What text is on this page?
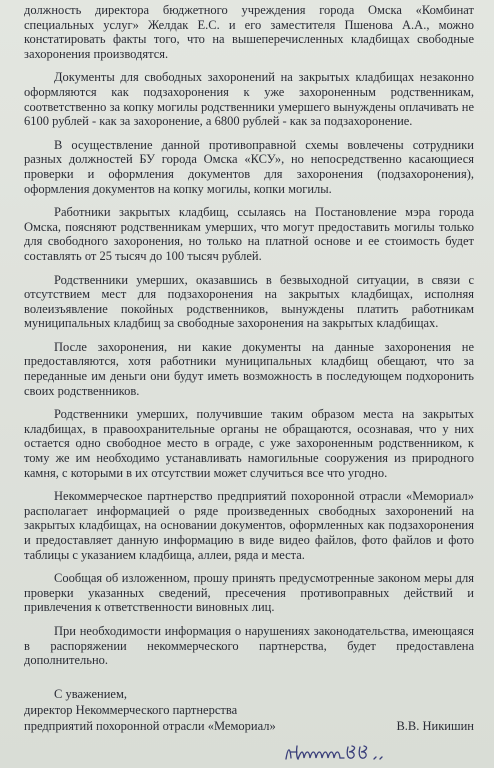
должность директора бюджетного учреждения города Омска «Комбинат специальных услуг» Желдак Е.С. и его заместителя Пшенова А.А., можно констатировать факты того, что на вышеперечисленных кладбищах свободные захоронения производятся.

Документы для свободных захоронений на закрытых кладбищах незаконно оформляются как подзахоронения к уже захороненным родственникам, соответственно за копку могилы родственники умершего вынуждены оплачивать не 6100 рублей - как за захоронение, а 6800 рублей - как за подзахоронение.

В осуществление данной противоправной схемы вовлечены сотрудники разных должностей БУ города Омска «КСУ», но непосредственно касающиеся проверки и оформления документов для захоронения (подзахоронения), оформления документов на копку могилы, копки могилы.

Работники закрытых кладбищ, ссылаясь на Постановление мэра города Омска, поясняют родственникам умерших, что могут предоставить могилы только для свободного захоронения, но только на платной основе и ее стоимость будет составлять от 25 тысяч до 100 тысяч рублей.

Родственники умерших, оказавшись в безвыходной ситуации, в связи с отсутствием мест для подзахоронения на закрытых кладбищах, исполняя волеизъявление покойных родственников, вынуждены платить работникам муниципальных кладбищ за свободные захоронения на закрытых кладбищах.

После захоронения, ни какие документы на данные захоронения не предоставляются, хотя работники муниципальных кладбищ обещают, что за переданные им деньги они будут иметь возможность в последующем подхоронить своих родственников.

Родственники умерших, получившие таким образом места на закрытых кладбищах, в правоохранительные органы не обращаются, осознавая, что у них остается одно свободное место в ограде, с уже захороненным родственником, к тому же им необходимо устанавливать намогильные сооружения из природного камня, с которыми в их отсутствии может случиться все что угодно.

Некоммерческое партнерство предприятий похоронной отрасли «Мемориал» располагает информацией о ряде произведенных свободных захоронений на закрытых кладбищах, на основании документов, оформленных как подзахоронения и предоставляет данную информацию в виде видео файлов, фото файлов и фото таблицы с указанием кладбища, аллеи, ряда и места.

Сообщая об изложенном, прошу принять предусмотренные законом меры для проверки указанных сведений, пресечения противоправных действий и привлечения к ответственности виновных лиц.

При необходимости информация о нарушениях законодательства, имеющаяся в распоряжении некоммерческого партнерства, будет предоставлена дополнительно.

С уважением,
директор Некоммерческого партнерства
предприятий похоронной отрасли «Мемориал»	В.В. Никишин
